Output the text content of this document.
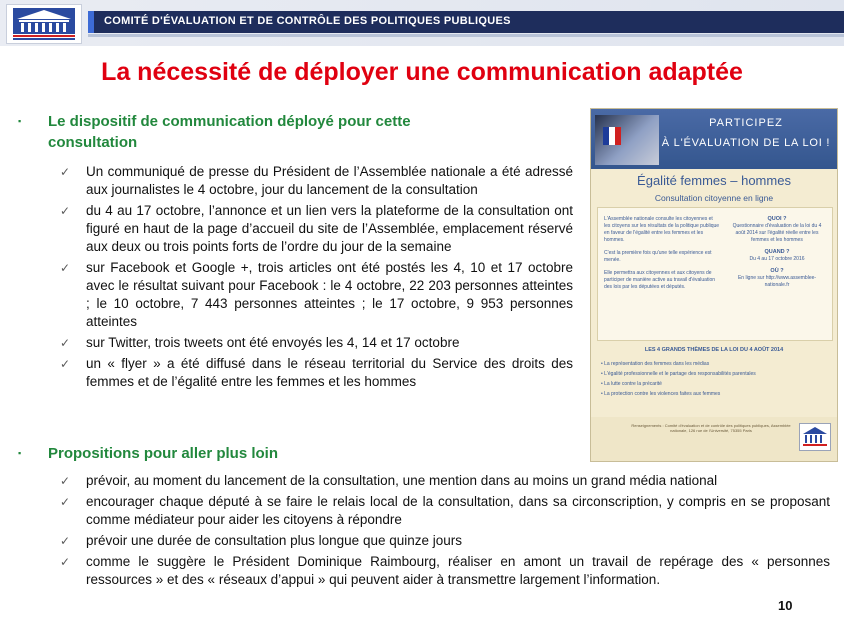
COMITÉ D'ÉVALUATION ET DE CONTRÔLE DES POLITIQUES PUBLIQUES
La nécessité de déployer une communication adaptée
▪ Le dispositif de communication déployé pour cette consultation
✓ Un communiqué de presse du Président de l’Assemblée nationale a été adressé aux journalistes le 4 octobre, jour du lancement de la consultation
✓ du 4 au 17 octobre, l’annonce et un lien vers la plateforme de la consultation ont figuré en haut de la page d’accueil du site de l’Assemblée, emplacement réservé aux deux ou trois points forts de l’ordre du jour de la semaine
✓ sur Facebook et Google +, trois articles ont été postés les 4, 10 et 17 octobre avec le résultat suivant pour Facebook : le 4 octobre, 22 203 personnes atteintes ; le 10 octobre, 7 443 personnes atteintes ; le 17 octobre, 9 953 personnes atteintes
✓ sur Twitter, trois tweets ont été envoyés les 4, 14 et 17 octobre
✓ un « flyer » a été diffusé dans le réseau territorial du Service des droits des femmes et de l’égalité entre les femmes et les hommes
▪ Propositions pour aller plus loin
✓ prévoir, au moment du lancement de la consultation, une mention dans au moins un grand média national
✓ encourager chaque député à se faire le relais local de la consultation, dans sa circonscription, y compris en se proposant comme médiateur pour aider les citoyens à répondre
✓ prévoir une durée de consultation plus longue que quinze jours
✓ comme le suggère le Président Dominique Raimbourg, réaliser en amont un travail de repérage des « personnes ressources » et des « réseaux d’appui » qui peuvent aider à transmettre largement l’information.
PARTICIPEZ
À L'ÉVALUATION DE LA LOI !
Égalité femmes – hommes
Consultation citoyenne en ligne

L'Assemblée nationale consulte les citoyennes et les citoyens sur les résultats de la politique publique en faveur de l'égalité entre les femmes et les hommes.

C'est la première fois qu'une telle expérience est menée.

Elle permettra aux citoyennes et aux citoyens de participer de manière active au travail d'évaluation des lois par les députées et députés.

QUOI ?

Questionnaire d'évaluation de la loi du 4 août 2014 sur l'égalité réelle entre les femmes et les hommes

QUAND ?

Du 4 au 17 octobre 2016

OÙ ?

En ligne sur http://www.assemblee-nationale.fr

LES 4 GRANDS THÈMES DE LA LOI DU 4 AOÛT 2014
• La représentation des femmes dans les médias
• L'égalité professionnelle et le partage des responsabilités parentales
• La lutte contre la précarité
• La protection contre les violences faites aux femmes
Renseignements : Comité d'évaluation et de contrôle des politiques publiques, Assemblée nationale, 126 rue de l'Université, 75355 Paris
10
